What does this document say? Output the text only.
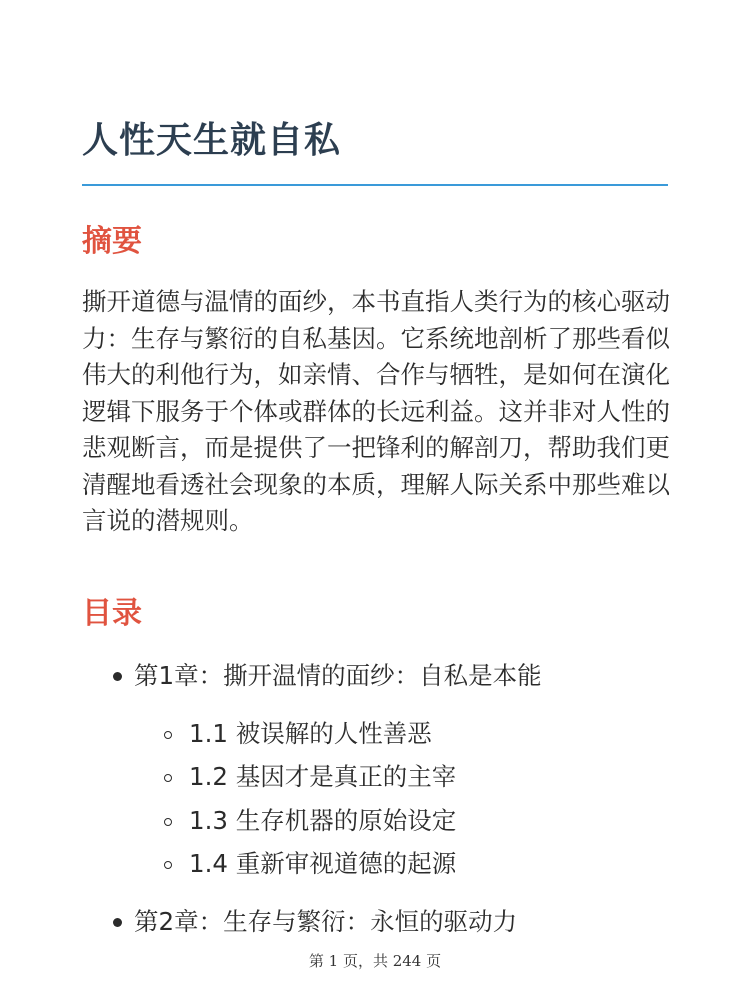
人性天生就自私
摘要

撕开道德与温情的面纱，本书直指人类行为的核心驱动力：生存与繁衍的自私基因。它系统地剖析了那些看似伟大的利他行为，如亲情、合作与牺牲，是如何在演化逻辑下服务于个体或群体的长远利益。这并非对人性的悲观断言，而是提供了一把锋利的解剖刀，帮助我们更清醒地看透社会现象的本质，理解人际关系中那些难以言说的潜规则。

目录
第1章：撕开温情的面纱：自私是本能
1.1 被误解的人性善恶
1.2 基因才是真正的主宰
1.3 生存机器的原始设定
1.4 重新审视道德的起源
第2章：生存与繁衍：永恒的驱动力
第 1 页，共 244 页
